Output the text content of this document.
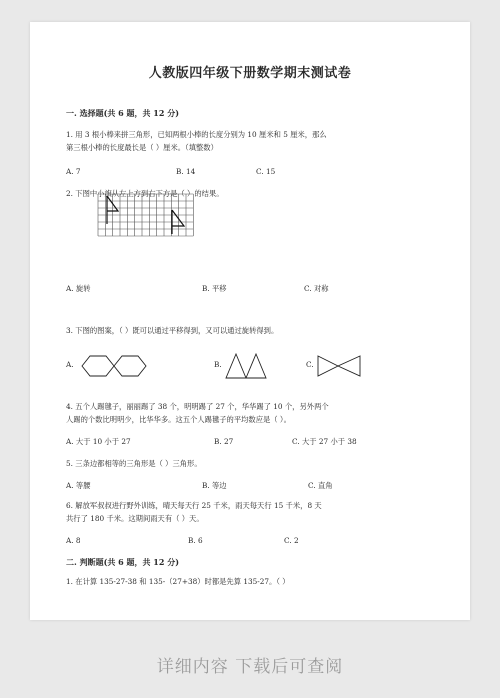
人教版四年级下册数学期末测试卷
一. 选择题(共 6 题，共 12 分)
1. 用 3 根小棒来拼三角形，已知两根小棒的长度分别为 10 厘米和 5 厘米，那么
第三根小棒的长度最长是（ ）厘米。（填整数）
A. 7	B. 14	C. 15
2. 下图中小旗从左上方到右下方是（ ）的结果。
A. 旋转	B. 平移	C. 对称
3. 下图的图案，（ ）既可以通过平移得到，又可以通过旋转得到。
A.	B.	C.
4. 五个人踢毽子，丽丽踢了 38 个，明明踢了 27 个，华华踢了 10 个，另外两个
人踢的个数比明明少，比华华多。这五个人踢毽子的平均数应是（ ）。
A. 大于 10 小于 27	B. 27	C. 大于 27 小于 38
5. 三条边都相等的三角形是（ ）三角形。
A. 等腰	B. 等边	C. 直角
6. 解放军叔叔进行野外训练，晴天每天行 25 千米，雨天每天行 15 千米，8 天
共行了 180 千米。这期间雨天有（ ）天。
A. 8	B. 6	C. 2
二. 判断题(共 6 题，共 12 分)
1. 在计算 135-27-38 和 135-（27+38）时都是先算 135-27。（ ）
详细内容 下载后可查阅
